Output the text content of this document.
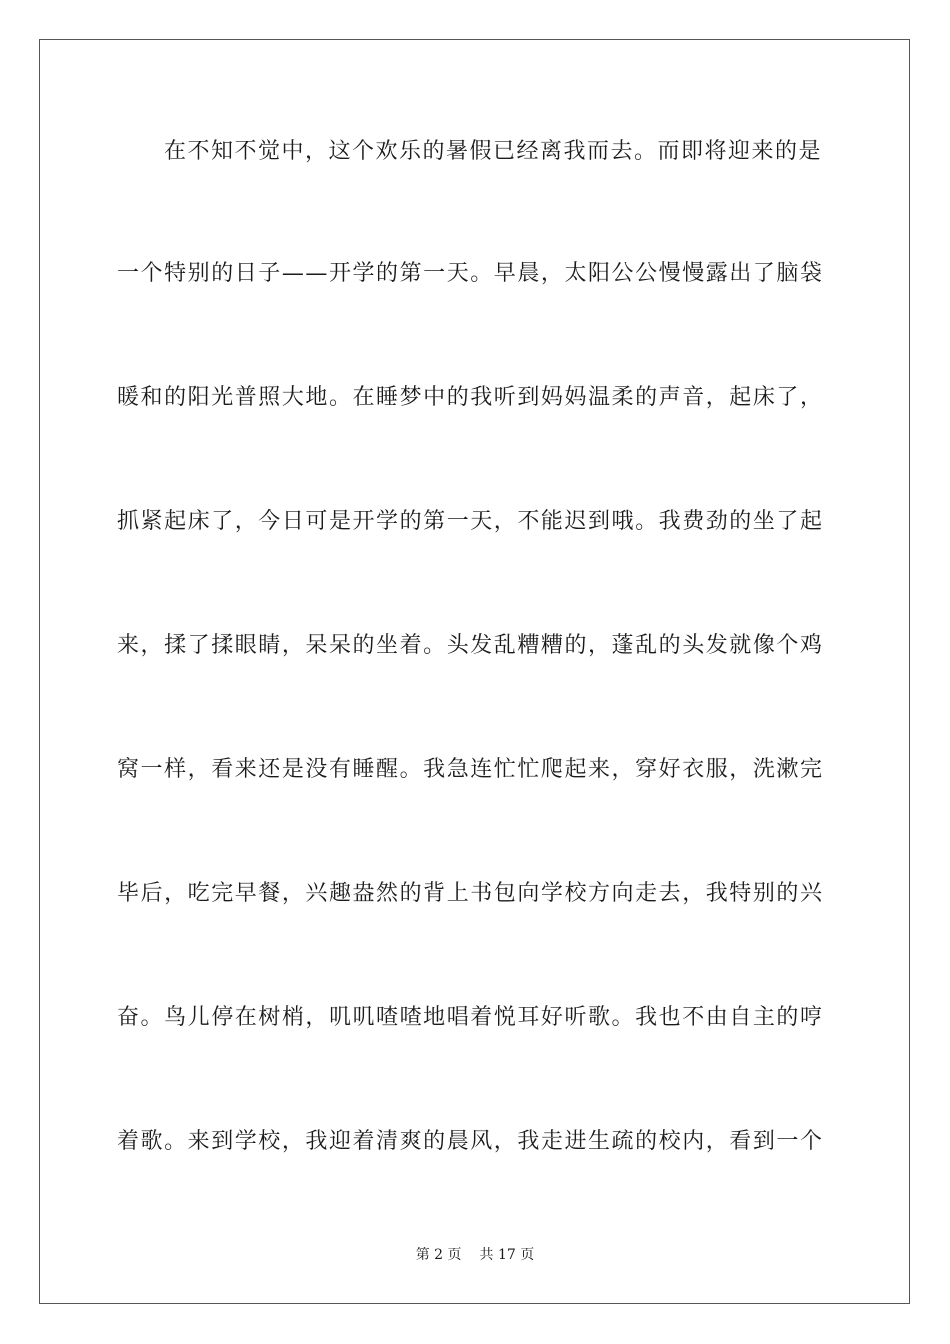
　　在不知不觉中，这个欢乐的暑假已经离我而去。而即将迎来的是
一个特别的日子——开学的第一天。早晨，太阳公公慢慢露出了脑袋
暖和的阳光普照大地。在睡梦中的我听到妈妈温柔的声音，起床了，
抓紧起床了，今日可是开学的第一天，不能迟到哦。我费劲的坐了起
来，揉了揉眼睛，呆呆的坐着。头发乱糟糟的，蓬乱的头发就像个鸡
窝一样，看来还是没有睡醒。我急连忙忙爬起来，穿好衣服，洗漱完
毕后，吃完早餐，兴趣盎然的背上书包向学校方向走去，我特别的兴
奋。鸟儿停在树梢，叽叽喳喳地唱着悦耳好听歌。我也不由自主的哼
着歌。来到学校，我迎着清爽的晨风，我走进生疏的校内，看到一个
第 2 页 共 17 页
